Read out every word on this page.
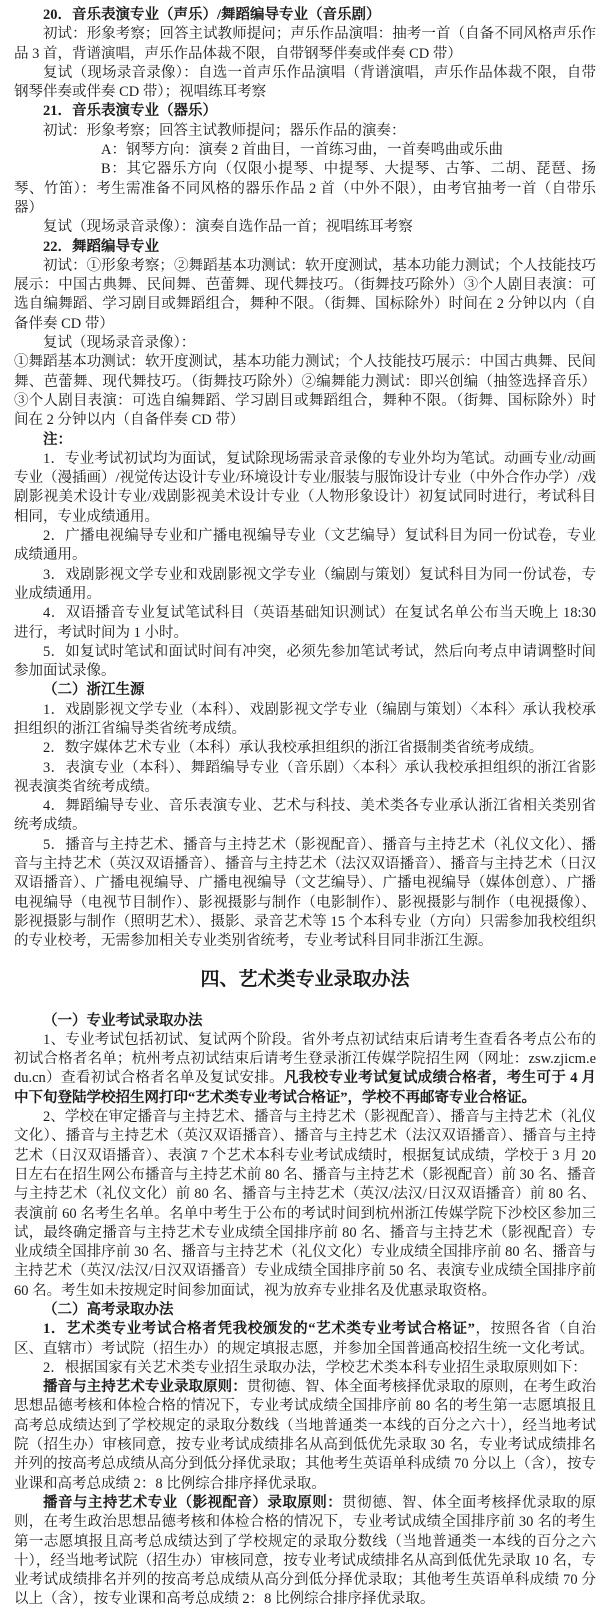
20．音乐表演专业（声乐）/舞蹈编导专业（音乐剧）

初试：形象考察；回答主试教师提问；声乐作品演唱：抽考一首（自备不同风格声乐作品 3 首，背谱演唱，声乐作品体裁不限，自带钢琴伴奏或伴奏 CD 带）

复试（现场录音录像）：自选一首声乐作品演唱（背谱演唱，声乐作品体裁不限，自带钢琴伴奏或伴奏 CD 带）；视唱练耳考察

21．音乐表演专业（器乐）

初试：形象考察；回答主试教师提问；器乐作品的演奏：

A：钢琴方向：演奏 2 首曲目，一首练习曲，一首奏鸣曲或乐曲

B：其它器乐方向（仅限小提琴、中提琴、大提琴、古筝、二胡、琵琶、扬琴、竹笛）：考生需准备不同风格的器乐作品 2 首（中外不限），由考官抽考一首（自带乐器）

复试（现场录音录像）：演奏自选作品一首；视唱练耳考察

22．舞蹈编导专业

初试：①形象考察；②舞蹈基本功测试：软开度测试，基本功能力测试；个人技能技巧展示：中国古典舞、民间舞、芭蕾舞、现代舞技巧。（街舞技巧除外）③个人剧目表演：可选自编舞蹈、学习剧目或舞蹈组合，舞种不限。（街舞、国标除外）时间在 2 分钟以内（自备伴奏 CD 带）

复试（现场录音录像）：

①舞蹈基本功测试：软开度测试，基本功能力测试；个人技能技巧展示：中国古典舞、民间舞、芭蕾舞、现代舞技巧。（街舞技巧除外）②编舞能力测试：即兴创编（抽签选择音乐）③个人剧目表演：可选自编舞蹈、学习剧目或舞蹈组合，舞种不限。（街舞、国标除外）时间在 2 分钟以内（自备伴奏 CD 带）

注：

1．专业考试初试均为面试，复试除现场需录音录像的专业外均为笔试。动画专业/动画专业（漫插画）/视觉传达设计专业/环境设计专业/服装与服饰设计专业（中外合作办学）/戏剧影视美术设计专业/戏剧影视美术设计专业（人物形象设计）初复试同时进行，考试科目相同，专业成绩通用。

2．广播电视编导专业和广播电视编导专业（文艺编导）复试科目为同一份试卷，专业成绩通用。

3．戏剧影视文学专业和戏剧影视文学专业（编剧与策划）复试科目为同一份试卷，专业成绩通用。

4．双语播音专业复试笔试科目（英语基础知识测试）在复试名单公布当天晚上 18:30 进行，考试时间为 1 小时。

5．如复试时笔试和面试时间有冲突，必须先参加笔试考试，然后向考点申请调整时间参加面试录像。

（二）浙江生源

1．戏剧影视文学专业（本科）、戏剧影视文学专业（编剧与策划）〈本科〉承认我校承担组织的浙江省编导类省统考成绩。

2．数字媒体艺术专业（本科）承认我校承担组织的浙江省摄制类省统考成绩。

3．表演专业（本科）、舞蹈编导专业（音乐剧）〈本科〉承认我校承担组织的浙江省影视表演类省统考成绩。

4．舞蹈编导专业、音乐表演专业、艺术与科技、美术类各专业承认浙江省相关类别省统考成绩。

5．播音与主持艺术、播音与主持艺术（影视配音）、播音与主持艺术（礼仪文化）、播音与主持艺术（英汉双语播音）、播音与主持艺术（法汉双语播音）、播音与主持艺术（日汉双语播音）、广播电视编导、广播电视编导（文艺编导）、广播电视编导（媒体创意）、广播电视编导（电视节目制作）、影视摄影与制作（电影制作）、影视摄影与制作（电视摄像）、影视摄影与制作（照明艺术）、摄影、录音艺术等 15 个本科专业（方向）只需参加我校组织的专业校考，无需参加相关专业类别省统考，专业考试科目同非浙江生源。

四、艺术类专业录取办法

（一）专业考试录取办法

1、专业考试包括初试、复试两个阶段。省外考点初试结束后请考生查看各考点公布的初试合格者名单；杭州考点初试结束后请考生登录浙江传媒学院招生网（网址：zsw.zjicm.edu.cn）查看初试合格者名单及复试安排。凡我校专业考试复试成绩合格者，考生可于 4 月中下旬登陆学校招生网打印“艺术类专业考试合格证”，学校不再邮寄专业合格证。

2、学校在审定播音与主持艺术、播音与主持艺术（影视配音）、播音与主持艺术（礼仪文化）、播音与主持艺术（英汉双语播音）、播音与主持艺术（法汉双语播音）、播音与主持艺术（日汉双语播音）、表演 7 个艺术本科专业考试成绩时，根据复试成绩，学校于 3 月 20 日左右在招生网公布播音与主持艺术前 80 名、播音与主持艺术（影视配音）前 30 名、播音与主持艺术（礼仪文化）前 80 名、播音与主持艺术（英汉/法汉/日汉双语播音）前 80 名、表演前 60 名考生名单。名单中考生于公布的考试时间到杭州浙江传媒学院下沙校区参加三试，最终确定播音与主持艺术专业成绩全国排序前 80 名、播音与主持艺术（影视配音）专业成绩全国排序前 30 名、播音与主持艺术（礼仪文化）专业成绩全国排序前 80 名、播音与主持艺术（英汉/法汉/日汉双语播音）专业成绩全国排序前 50 名、表演专业成绩全国排序前 60 名。考生如未按规定时间参加面试，视为放弃专业排名及优惠录取资格。

（二）高考录取办法

1．艺术类专业考试合格者凭我校颁发的“艺术类专业考试合格证”，按照各省（自治区、直辖市）考试院（招生办）的规定填报志愿，并参加全国普通高校招生统一文化考试。

2．根据国家有关艺术类专业招生录取办法，学校艺术类本科专业招生录取原则如下：

播音与主持艺术专业录取原则：贯彻德、智、体全面考核择优录取的原则，在考生政治思想品德考核和体检合格的情况下，专业考试成绩全国排序前 80 名的考生第一志愿填报且高考总成绩达到了学校规定的录取分数线（当地普通类一本线的百分之六十），经当地考试院（招生办）审核同意，按专业考试成绩排名从高到低优先录取 30 名，专业考试成绩排名并列的按高考总成绩从高分到低分择优录取；其他考生英语单科成绩 70 分以上（含），按专业课和高考总成绩 2：8 比例综合排序择优录取。

播音与主持艺术专业（影视配音）录取原则：贯彻德、智、体全面考核择优录取的原则，在考生政治思想品德考核和体检合格的情况下，专业考试成绩全国排序前 30 名的考生第一志愿填报且高考总成绩达到了学校规定的录取分数线（当地普通类一本线的百分之六十），经当地考试院（招生办）审核同意，按专业考试成绩排名从高到低优先录取 10 名，专业考试成绩排名并列的按高考总成绩从高分到低分择优录取；其他考生英语单科成绩 70 分以上（含），按专业课和高考总成绩 2：8 比例综合排序择优录取。
